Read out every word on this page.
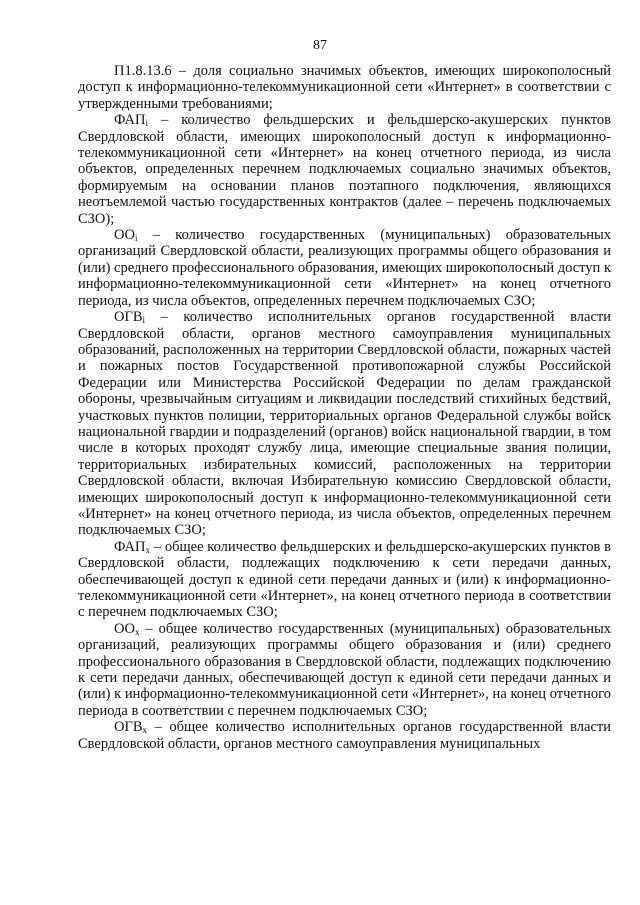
87

П1.8.13.6 – доля социально значимых объектов, имеющих широкополосный доступ к информационно-телекоммуникационной сети «Интернет» в соответствии с утвержденными требованиями;

$ФАП_i$ – количество фельдшерских и фельдшерско-акушерских пунктов Свердловской области, имеющих широкополосный доступ к информационно-телекоммуникационной сети «Интернет» на конец отчетного периода, из числа объектов, определенных перечнем подключаемых социально значимых объектов, формируемым на основании планов поэтапного подключения, являющихся неотъемлемой частью государственных контрактов (далее – перечень подключаемых СЗО);

$ОО_i$ – количество государственных (муниципальных) образовательных организаций Свердловской области, реализующих программы общего образования и (или) среднего профессионального образования, имеющих широкополосный доступ к информационно-телекоммуникационной сети «Интернет» на конец отчетного периода, из числа объектов, определенных перечнем подключаемых СЗО;

$ОГВ_i$ – количество исполнительных органов государственной власти Свердловской области, органов местного самоуправления муниципальных образований, расположенных на территории Свердловской области, пожарных частей и пожарных постов Государственной противопожарной службы Российской Федерации или Министерства Российской Федерации по делам гражданской обороны, чрезвычайным ситуациям и ликвидации последствий стихийных бедствий, участковых пунктов полиции, территориальных органов Федеральной службы войск национальной гвардии и подразделений (органов) войск национальной гвардии, в том числе в которых проходят службу лица, имеющие специальные звания полиции, территориальных избирательных комиссий, расположенных на территории Свердловской области, включая Избирательную комиссию Свердловской области, имеющих широкополосный доступ к информационно-телекоммуникационной сети «Интернет» на конец отчетного периода, из числа объектов, определенных перечнем подключаемых СЗО;

$ФАП_x$ – общее количество фельдшерских и фельдшерско-акушерских пунктов в Свердловской области, подлежащих подключению к сети передачи данных, обеспечивающей доступ к единой сети передачи данных и (или) к информационно-телекоммуникационной сети «Интернет», на конец отчетного периода в соответствии с перечнем подключаемых СЗО;

$ОО_x$ – общее количество государственных (муниципальных) образовательных организаций, реализующих программы общего образования и (или) среднего профессионального образования в Свердловской области, подлежащих подключению к сети передачи данных, обеспечивающей доступ к единой сети передачи данных и (или) к информационно-телекоммуникационной сети «Интернет», на конец отчетного периода в соответствии с перечнем подключаемых СЗО;

$ОГВ_x$ – общее количество исполнительных органов государственной власти Свердловской области, органов местного самоуправления муниципальных
